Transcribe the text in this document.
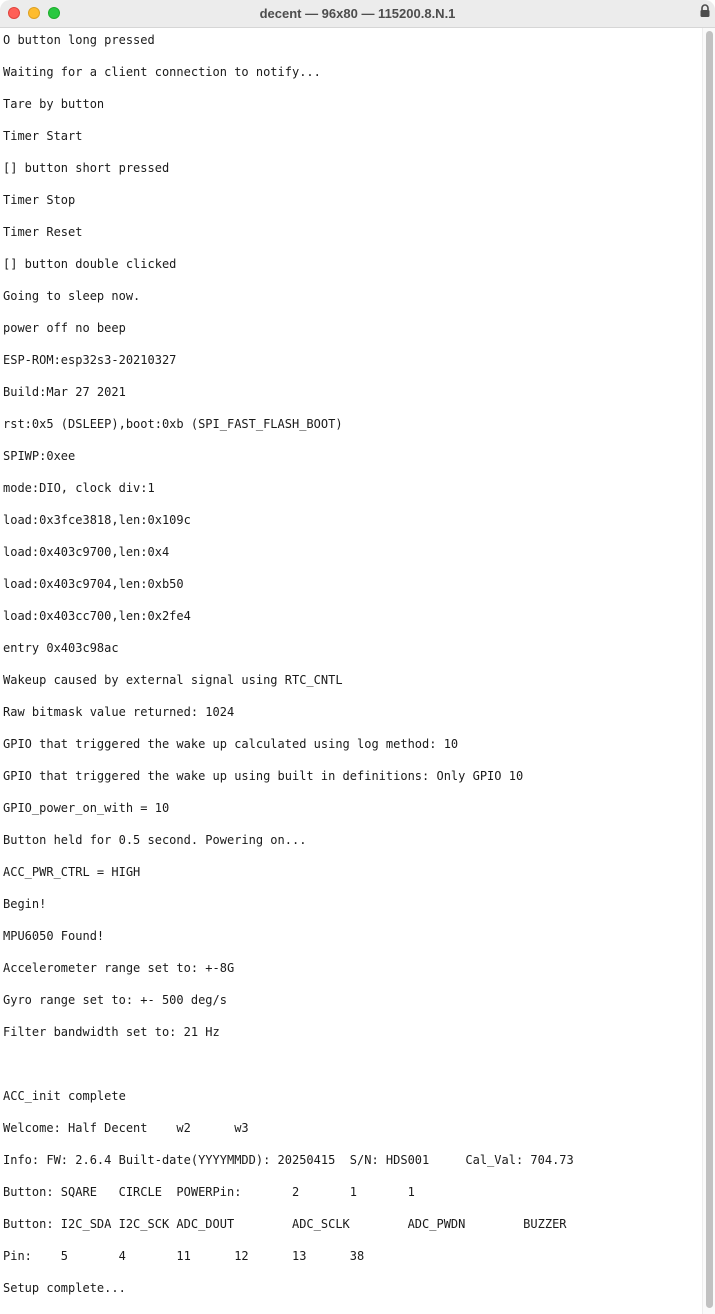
decent — 96x80 — 115200.8.N.1
O button long pressed
Waiting for a client connection to notify...
Tare by button
Timer Start
[] button short pressed
Timer Stop
Timer Reset
[] button double clicked
Going to sleep now.
power off no beep
ESP-ROM:esp32s3-20210327
Build:Mar 27 2021
rst:0x5 (DSLEEP),boot:0xb (SPI_FAST_FLASH_BOOT)
SPIWP:0xee
mode:DIO, clock div:1
load:0x3fce3818,len:0x109c
load:0x403c9700,len:0x4
load:0x403c9704,len:0xb50
load:0x403cc700,len:0x2fe4
entry 0x403c98ac
Wakeup caused by external signal using RTC_CNTL
Raw bitmask value returned: 1024
GPIO that triggered the wake up calculated using log method: 10
GPIO that triggered the wake up using built in definitions: Only GPIO 10
GPIO_power_on_with = 10
Button held for 0.5 second. Powering on...
ACC_PWR_CTRL = HIGH
Begin!
MPU6050 Found!
Accelerometer range set to: +-8G
Gyro range set to: +- 500 deg/s
Filter bandwidth set to: 21 Hz
ACC_init complete
Welcome: Half Decent    w2      w3
Info: FW: 2.6.4 Built-date(YYYYMMDD): 20250415  S/N: HDS001     Cal_Val: 704.73
Button: SQARE   CIRCLE  POWERPin:       2       1       1
Button: I2C_SDA I2C_SCK ADC_DOUT        ADC_SCLK        ADC_PWDN        BUZZER
Pin:    5       4       11      12      13      38
Setup complete...
